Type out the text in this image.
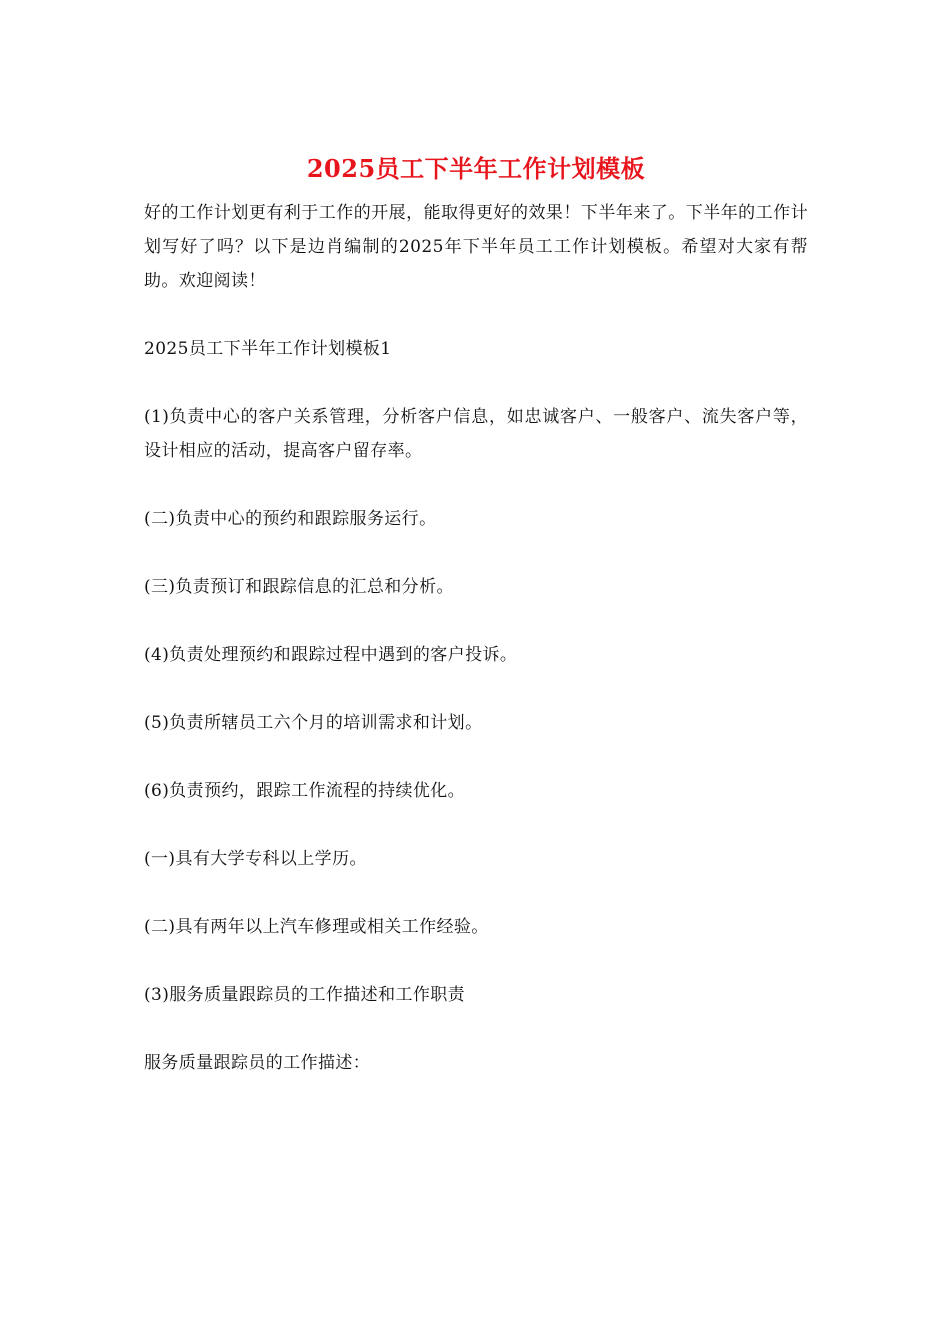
2025员工下半年工作计划模板

好的工作计划更有利于工作的开展，能取得更好的效果！下半年来了。下半年的工作计划写好了吗？以下是边肖编制的2025年下半年员工工作计划模板。希望对大家有帮助。欢迎阅读！

2025员工下半年工作计划模板1

(1)负责中心的客户关系管理，分析客户信息，如忠诚客户、一般客户、流失客户等，设计相应的活动，提高客户留存率。

(二)负责中心的预约和跟踪服务运行。

(三)负责预订和跟踪信息的汇总和分析。

(4)负责处理预约和跟踪过程中遇到的客户投诉。

(5)负责所辖员工六个月的培训需求和计划。

(6)负责预约，跟踪工作流程的持续优化。

(一)具有大学专科以上学历。

(二)具有两年以上汽车修理或相关工作经验。

(3)服务质量跟踪员的工作描述和工作职责

服务质量跟踪员的工作描述：
